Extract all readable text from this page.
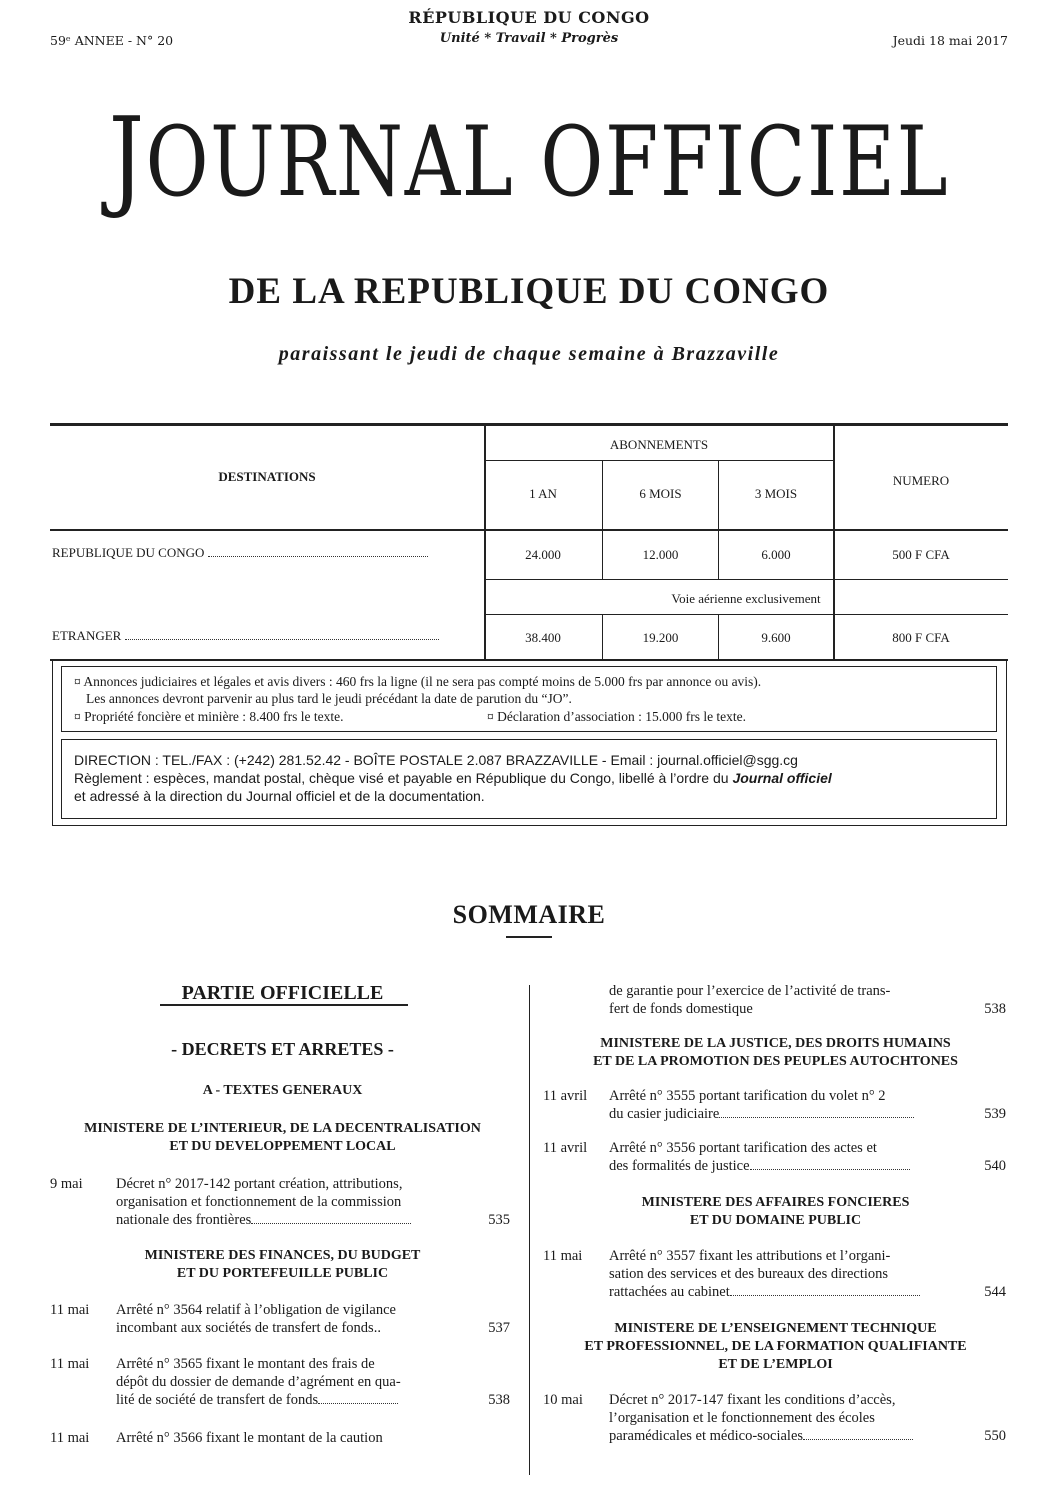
RÉPUBLIQUE DU CONGO
Unité * Travail * Progrès
59ᵉ ANNEE - N° 20	Jeudi 18 mai 2017
JOURNAL OFFICIEL
DE LA REPUBLIQUE DU CONGO
paraissant le jeudi de chaque semaine à Brazzaville
DESTINATIONS
ABONNEMENTS
NUMERO
1 AN	6 MOIS	3 MOIS
REPUBLIQUE DU CONGO	24.000	12.000	6.000	500 F CFA
Voie aérienne exclusivement
ETRANGER	38.400	19.200	9.600	800 F CFA
¤ Annonces judiciaires et légales et avis divers : 460 frs la ligne (il ne sera pas compté moins de 5.000 frs par annonce ou avis).
Les annonces devront parvenir au plus tard le jeudi précédant la date de parution du “JO”.
¤ Propriété foncière et minière : 8.400 frs le texte.	¤ Déclaration d’association : 15.000 frs le texte.
DIRECTION : TEL./FAX : (+242) 281.52.42 - BOÎTE POSTALE 2.087 BRAZZAVILLE - Email : journal.officiel@sgg.cg
Règlement : espèces, mandat postal, chèque visé et payable en République du Congo, libellé à l’ordre du Journal officiel
et adressé à la direction du Journal officiel et de la documentation.
SOMMAIRE
PARTIE OFFICIELLE
- DECRETS ET ARRETES -
A - TEXTES GENERAUX
MINISTERE DE L’INTERIEUR, DE LA DECENTRALISATION
ET DU DEVELOPPEMENT LOCAL
9 mai Décret n° 2017-142 portant création, attributions,
organisation et fonctionnement de la commission
nationale des frontières	535
MINISTERE DES FINANCES, DU BUDGET
ET DU PORTEFEUILLE PUBLIC
11 mai Arrêté n° 3564 relatif à l’obligation de vigilance
incombant aux sociétés de transfert de fonds..	537
11 mai Arrêté n° 3565 fixant le montant des frais de
dépôt du dossier de demande d’agrément en qua-
lité de société de transfert de fonds	538
11 mai Arrêté n° 3566 fixant le montant de la caution
de garantie pour l’exercice de l’activité de trans-
fert de fonds domestique	538
MINISTERE DE LA JUSTICE, DES DROITS HUMAINS
ET DE LA PROMOTION DES PEUPLES AUTOCHTONES
11 avril Arrêté n° 3555 portant tarification du volet n° 2
du casier judiciaire	539
11 avril Arrêté n° 3556 portant tarification des actes et
des formalités de justice	540
MINISTERE DES AFFAIRES FONCIERES
ET DU DOMAINE PUBLIC
11 mai Arrêté n° 3557 fixant les attributions et l’organi-
sation des services et des bureaux des directions
rattachées au cabinet	544
MINISTERE DE L’ENSEIGNEMENT TECHNIQUE
ET PROFESSIONNEL, DE LA FORMATION QUALIFIANTE
ET DE L’EMPLOI
10 mai Décret n° 2017-147 fixant les conditions d’accès,
l’organisation et le fonctionnement des écoles
paramédicales et médico-sociales	550
